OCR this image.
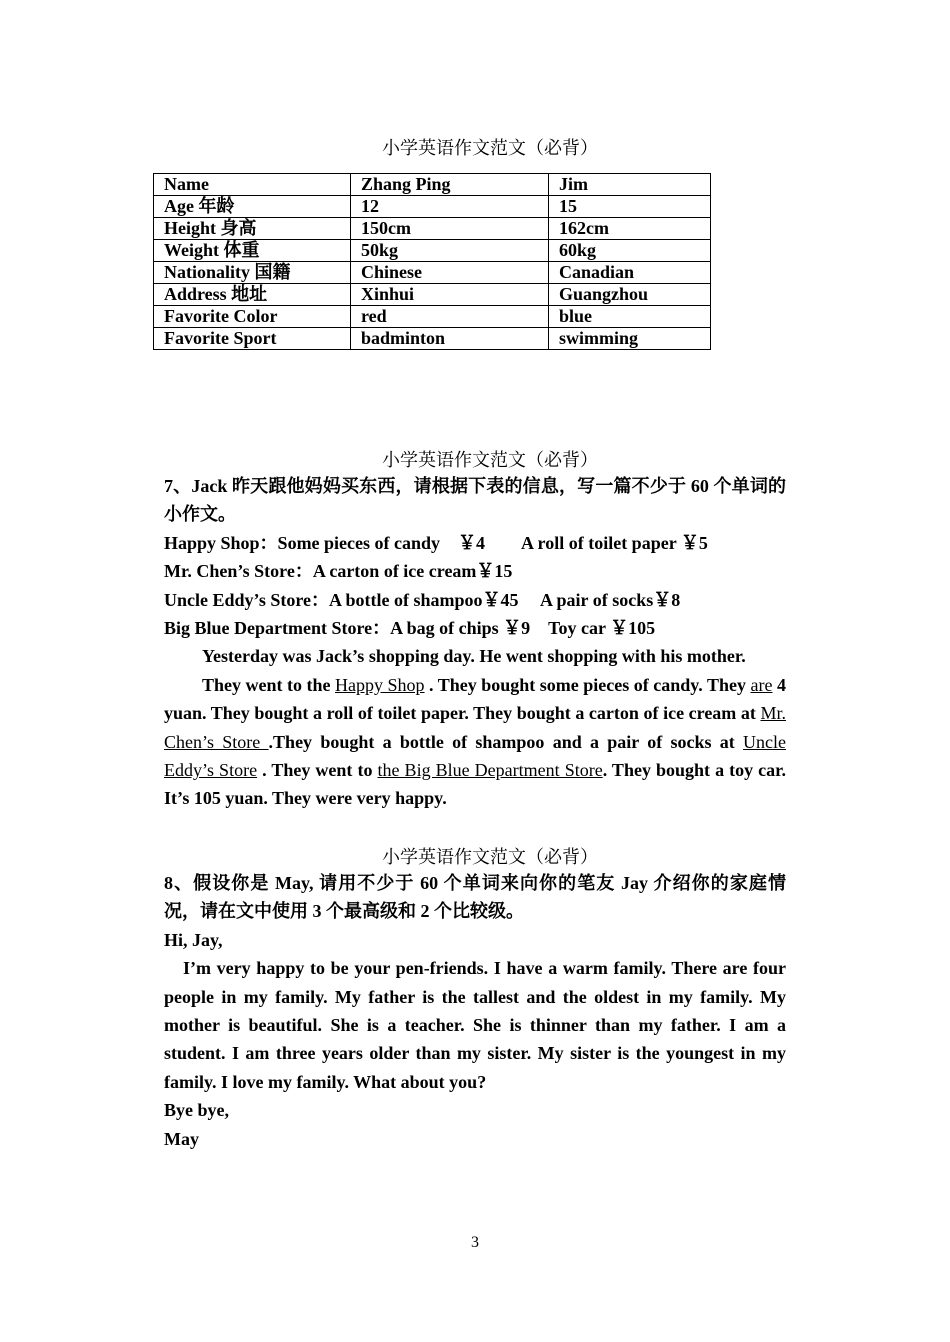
小学英语作文范文（必背）
Name	Zhang Ping	Jim
Age 年龄	12	15
Height 身高	150cm	162cm
Weight 体重	50kg	60kg
Nationality 国籍	Chinese	Canadian
Address 地址	Xinhui	Guangzhou
Favorite Color	red	blue
Favorite Sport	badminton	swimming
小学英语作文范文（必背）

7、Jack 昨天跟他妈妈买东西，请根据下表的信息，写一篇不少于 60 个单词的小作文。

Happy Shop：Some pieces of candy　￥4　　A roll of toilet paper ￥5

Mr. Chen’s Store：A carton of ice cream￥15

Uncle Eddy’s Store：A bottle of shampoo￥45　 A pair of socks￥8

Big Blue Department Store：A bag of chips ￥9　Toy car ￥105

Yesterday was Jack’s shopping day. He went shopping with his mother.

They went to the Happy Shop . They bought some pieces of candy. They are 4 yuan. They bought a roll of toilet paper. They bought a carton of ice cream at Mr. Chen’s Store .They bought a bottle of shampoo and a pair of socks at Uncle Eddy’s Store . They went to the Big Blue Department Store. They bought a toy car. It’s 105 yuan. They were very happy.

小学英语作文范文（必背）

8、假设你是 May, 请用不少于 60 个单词来向你的笔友 Jay 介绍你的家庭情况，请在文中使用 3 个最高级和 2 个比较级。

Hi, Jay,

I’m very happy to be your pen-friends. I have a warm family. There are four people in my family. My father is the tallest and the oldest in my family. My mother is beautiful. She is a teacher. She is thinner than my father. I am a student. I am three years older than my sister. My sister is the youngest in my family. I love my family. What about you?

Bye bye,

May

3
